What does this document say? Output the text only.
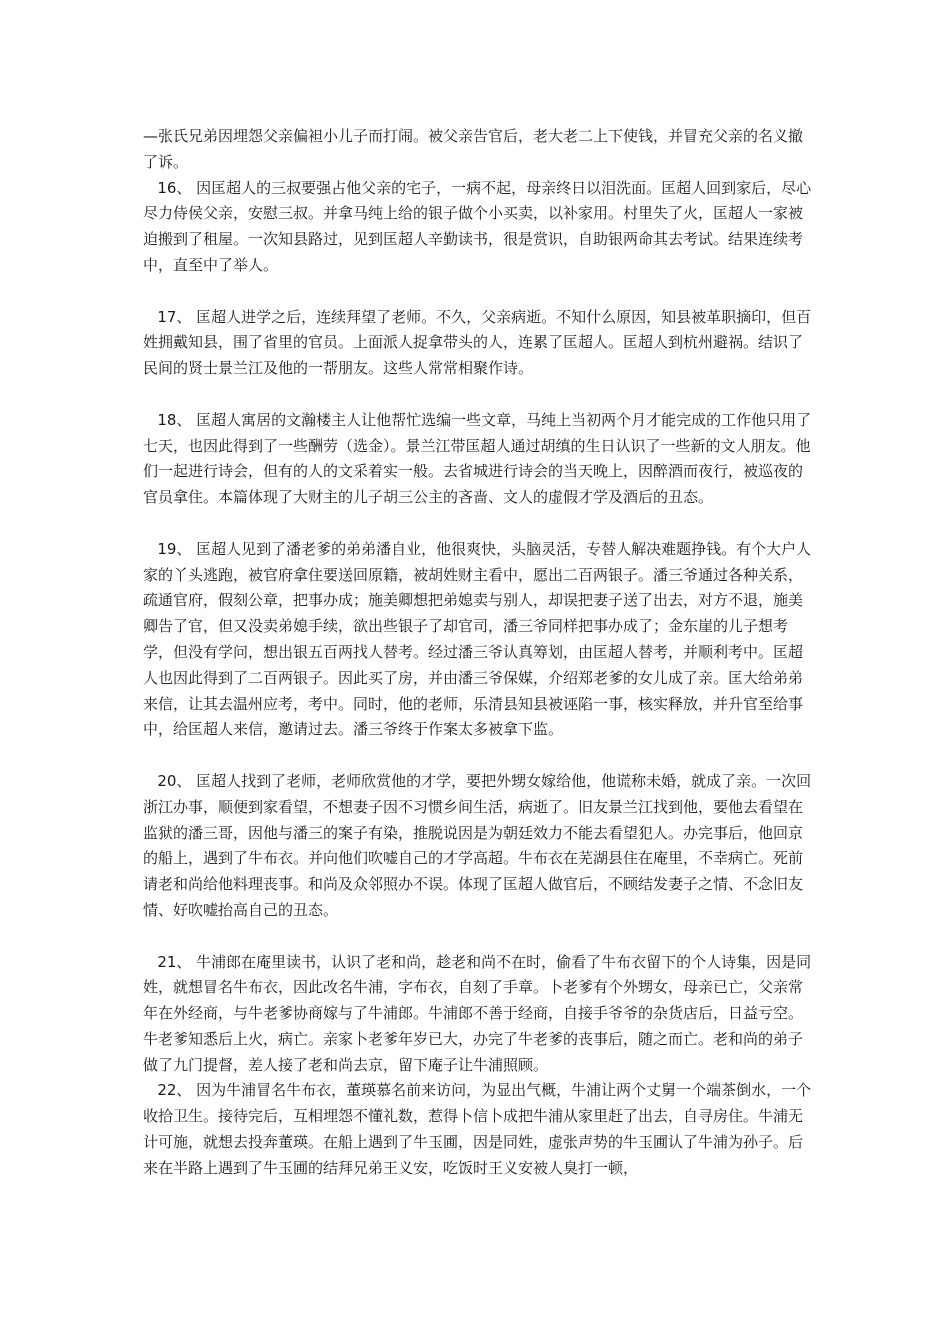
—张氏兄弟因埋怨父亲偏袒小儿子而打闹。被父亲告官后，老大老二上下使钱，并冒充父亲的名义撤了诉。

16、 因匡超人的三叔要强占他父亲的宅子，一病不起，母亲终日以泪洗面。匡超人回到家后，尽心尽力侍侯父亲，安慰三叔。并拿马纯上给的银子做个小买卖，以补家用。村里失了火，匡超人一家被迫搬到了租屋。一次知县路过，见到匡超人辛勤读书，很是赏识，自助银两命其去考试。结果连续考中，直至中了举人。

17、 匡超人进学之后，连续拜望了老师。不久，父亲病逝。不知什么原因，知县被革职摘印，但百姓拥戴知县，围了省里的官员。上面派人捉拿带头的人，连累了匡超人。匡超人到杭州避祸。结识了民间的贤士景兰江及他的一帮朋友。这些人常常相聚作诗。

18、 匡超人寓居的文瀚楼主人让他帮忙选编一些文章，马纯上当初两个月才能完成的工作他只用了七天，也因此得到了一些酬劳（选金）。景兰江带匡超人通过胡缜的生日认识了一些新的文人朋友。他们一起进行诗会，但有的人的文采着实一般。去省城进行诗会的当天晚上，因醉酒而夜行，被巡夜的官员拿住。本篇体现了大财主的儿子胡三公主的吝啬、文人的虚假才学及酒后的丑态。

19、 匡超人见到了潘老爹的弟弟潘自业，他很爽快，头脑灵活，专替人解决难题挣钱。有个大户人家的丫头逃跑，被官府拿住要送回原籍，被胡姓财主看中，愿出二百两银子。潘三爷通过各种关系，疏通官府，假刻公章，把事办成；施美卿想把弟媳卖与别人，却误把妻子送了出去，对方不退，施美卿告了官，但又没卖弟媳手续，欲出些银子了却官司，潘三爷同样把事办成了；金东崖的儿子想考学，但没有学问，想出银五百两找人替考。经过潘三爷认真筹划，由匡超人替考，并顺利考中。匡超人也因此得到了二百两银子。因此买了房，并由潘三爷保媒，介绍郑老爹的女儿成了亲。匡大给弟弟来信，让其去温州应考，考中。同时，他的老师，乐清县知县被诬陷一事，核实释放，并升官至给事中，给匡超人来信，邀请过去。潘三爷终于作案太多被拿下监。

20、 匡超人找到了老师，老师欣赏他的才学，要把外甥女嫁给他，他谎称未婚，就成了亲。一次回浙江办事，顺便到家看望，不想妻子因不习惯乡间生活，病逝了。旧友景兰江找到他，要他去看望在监狱的潘三哥，因他与潘三的案子有染，推脱说因是为朝廷效力不能去看望犯人。办完事后，他回京的船上，遇到了牛布衣。并向他们吹嘘自己的才学高超。牛布衣在芜湖县住在庵里，不幸病亡。死前请老和尚给他料理丧事。和尚及众邻照办不误。体现了匡超人做官后，不顾结发妻子之情、不念旧友情、好吹嘘抬高自己的丑态。

21、 牛浦郎在庵里读书，认识了老和尚，趁老和尚不在时，偷看了牛布衣留下的个人诗集，因是同姓，就想冒名牛布衣，因此改名牛浦，字布衣，自刻了手章。卜老爹有个外甥女，母亲已亡，父亲常年在外经商，与牛老爹协商嫁与了牛浦郎。牛浦郎不善于经商，自接手爷爷的杂货店后，日益亏空。牛老爹知悉后上火，病亡。亲家卜老爹年岁已大，办完了牛老爹的丧事后，随之而亡。老和尚的弟子做了九门提督，差人接了老和尚去京，留下庵子让牛浦照顾。

22、 因为牛浦冒名牛布衣，董瑛慕名前来访问，为显出气概，牛浦让两个丈舅一个端茶倒水，一个收拾卫生。接待完后，互相埋怨不懂礼数，惹得卜信卜成把牛浦从家里赶了出去，自寻房住。牛浦无计可施，就想去投奔董瑛。在船上遇到了牛玉圃，因是同姓，虚张声势的牛玉圃认了牛浦为孙子。后来在半路上遇到了牛玉圃的结拜兄弟王义安，吃饭时王义安被人臭打一顿，
